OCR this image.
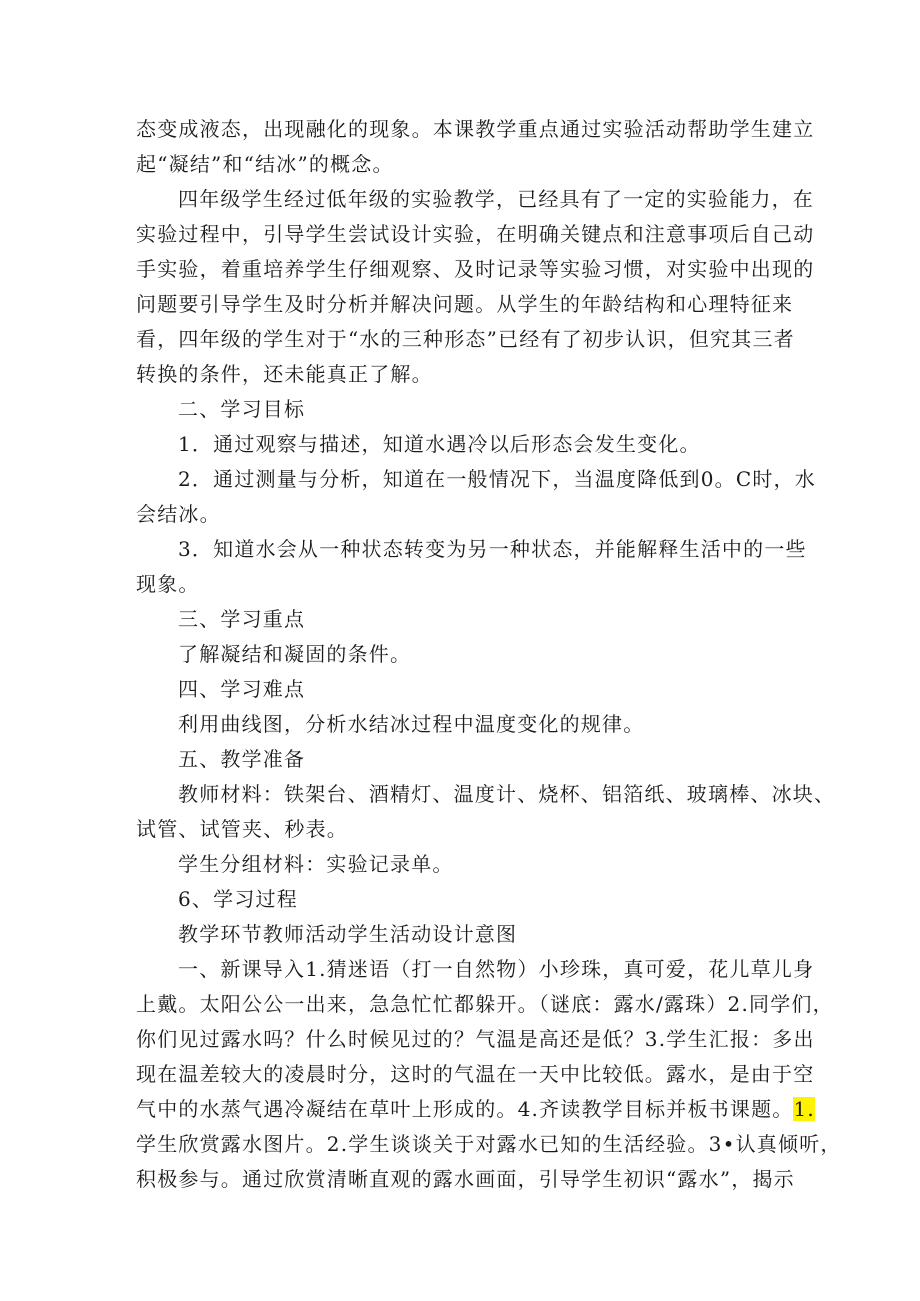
态变成液态，出现融化的现象。本课教学重点通过实验活动帮助学生建立
起“凝结”和“结冰”的概念。
四年级学生经过低年级的实验教学，已经具有了一定的实验能力，在
实验过程中，引导学生尝试设计实验，在明确关键点和注意事项后自己动
手实验，着重培养学生仔细观察、及时记录等实验习惯，对实验中出现的
问题要引导学生及时分析并解决问题。从学生的年龄结构和心理特征来
看，四年级的学生对于“水的三种形态”已经有了初步认识，但究其三者
转换的条件，还未能真正了解。
二、学习目标
1．通过观察与描述，知道水遇冷以后形态会发生变化。
2．通过测量与分析，知道在一般情况下，当温度降低到0。C时，水
会结冰。
3．知道水会从一种状态转变为另一种状态，并能解释生活中的一些
现象。
三、学习重点
了解凝结和凝固的条件。
四、学习难点
利用曲线图，分析水结冰过程中温度变化的规律。
五、教学准备
教师材料：铁架台、酒精灯、温度计、烧杯、铝箔纸、玻璃棒、冰块、
试管、试管夹、秒表。
学生分组材料：实验记录单。
6、学习过程
教学环节教师活动学生活动设计意图
一、新课导入1.猜迷语（打一自然物）小珍珠，真可爱，花儿草儿身
上戴。太阳公公一出来，急急忙忙都躲开。（谜底：露水/露珠）2.同学们，
你们见过露水吗？什么时候见过的？气温是高还是低？3.学生汇报：多出
现在温差较大的凌晨时分，这时的气温在一天中比较低。露水，是由于空
气中的水蒸气遇冷凝结在草叶上形成的。4.齐读教学目标并板书课题。1.
学生欣赏露水图片。2.学生谈谈关于对露水已知的生活经验。3•认真倾听，
积极参与。通过欣赏清晰直观的露水画面，引导学生初识“露水”，揭示
